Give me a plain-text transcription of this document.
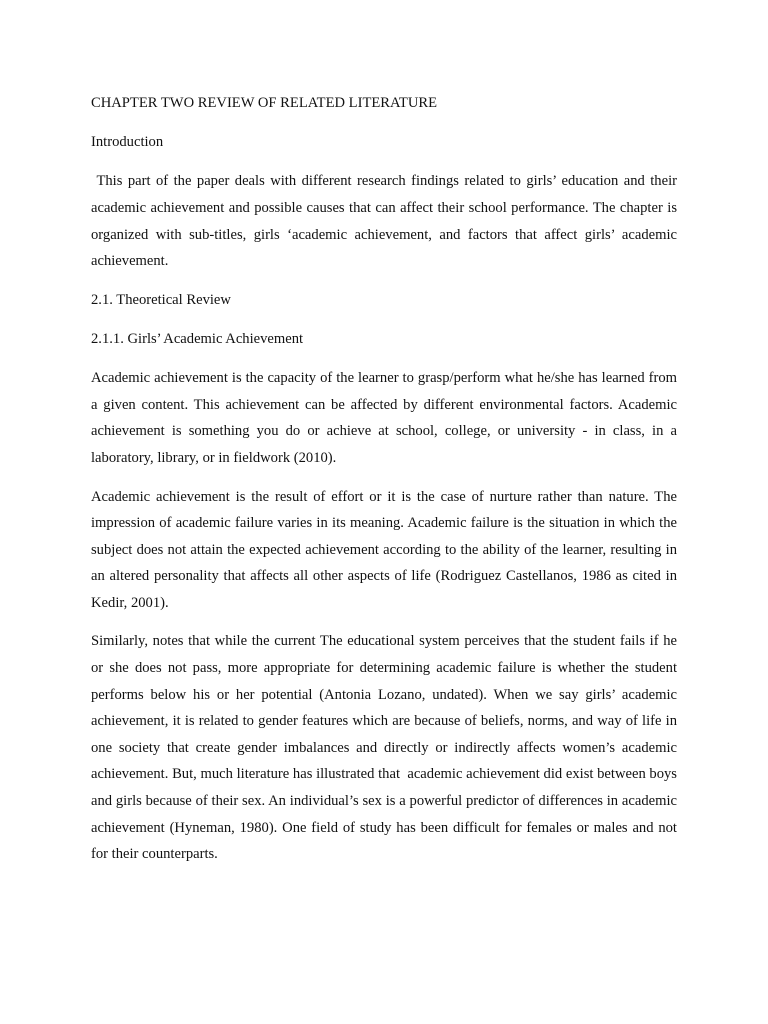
CHAPTER TWO REVIEW OF RELATED LITERATURE

Introduction

This part of the paper deals with different research findings related to girls’ education and their academic achievement and possible causes that can affect their school performance. The chapter is organized with sub-titles, girls ‘academic achievement, and factors that affect girls’ academic achievement.

2.1. Theoretical Review

2.1.1. Girls’ Academic Achievement

Academic achievement is the capacity of the learner to grasp/perform what he/she has learned from a given content. This achievement can be affected by different environmental factors. Academic achievement is something you do or achieve at school, college, or university - in class, in a laboratory, library, or in fieldwork (2010).

Academic achievement is the result of effort or it is the case of nurture rather than nature. The impression of academic failure varies in its meaning. Academic failure is the situation in which the subject does not attain the expected achievement according to the ability of the learner, resulting in an altered personality that affects all other aspects of life (Rodriguez Castellanos, 1986 as cited in Kedir, 2001).

Similarly, notes that while the current The educational system perceives that the student fails if he or she does not pass, more appropriate for determining academic failure is whether the student performs below his or her potential (Antonia Lozano, undated). When we say girls’ academic achievement, it is related to gender features which are because of beliefs, norms, and way of life in one society that create gender imbalances and directly or indirectly affects women’s academic achievement. But, much literature has illustrated that  academic achievement did exist between boys and girls because of their sex. An individual’s sex is a powerful predictor of differences in academic achievement (Hyneman, 1980). One field of study has been difficult for females or males and not for their counterparts.
